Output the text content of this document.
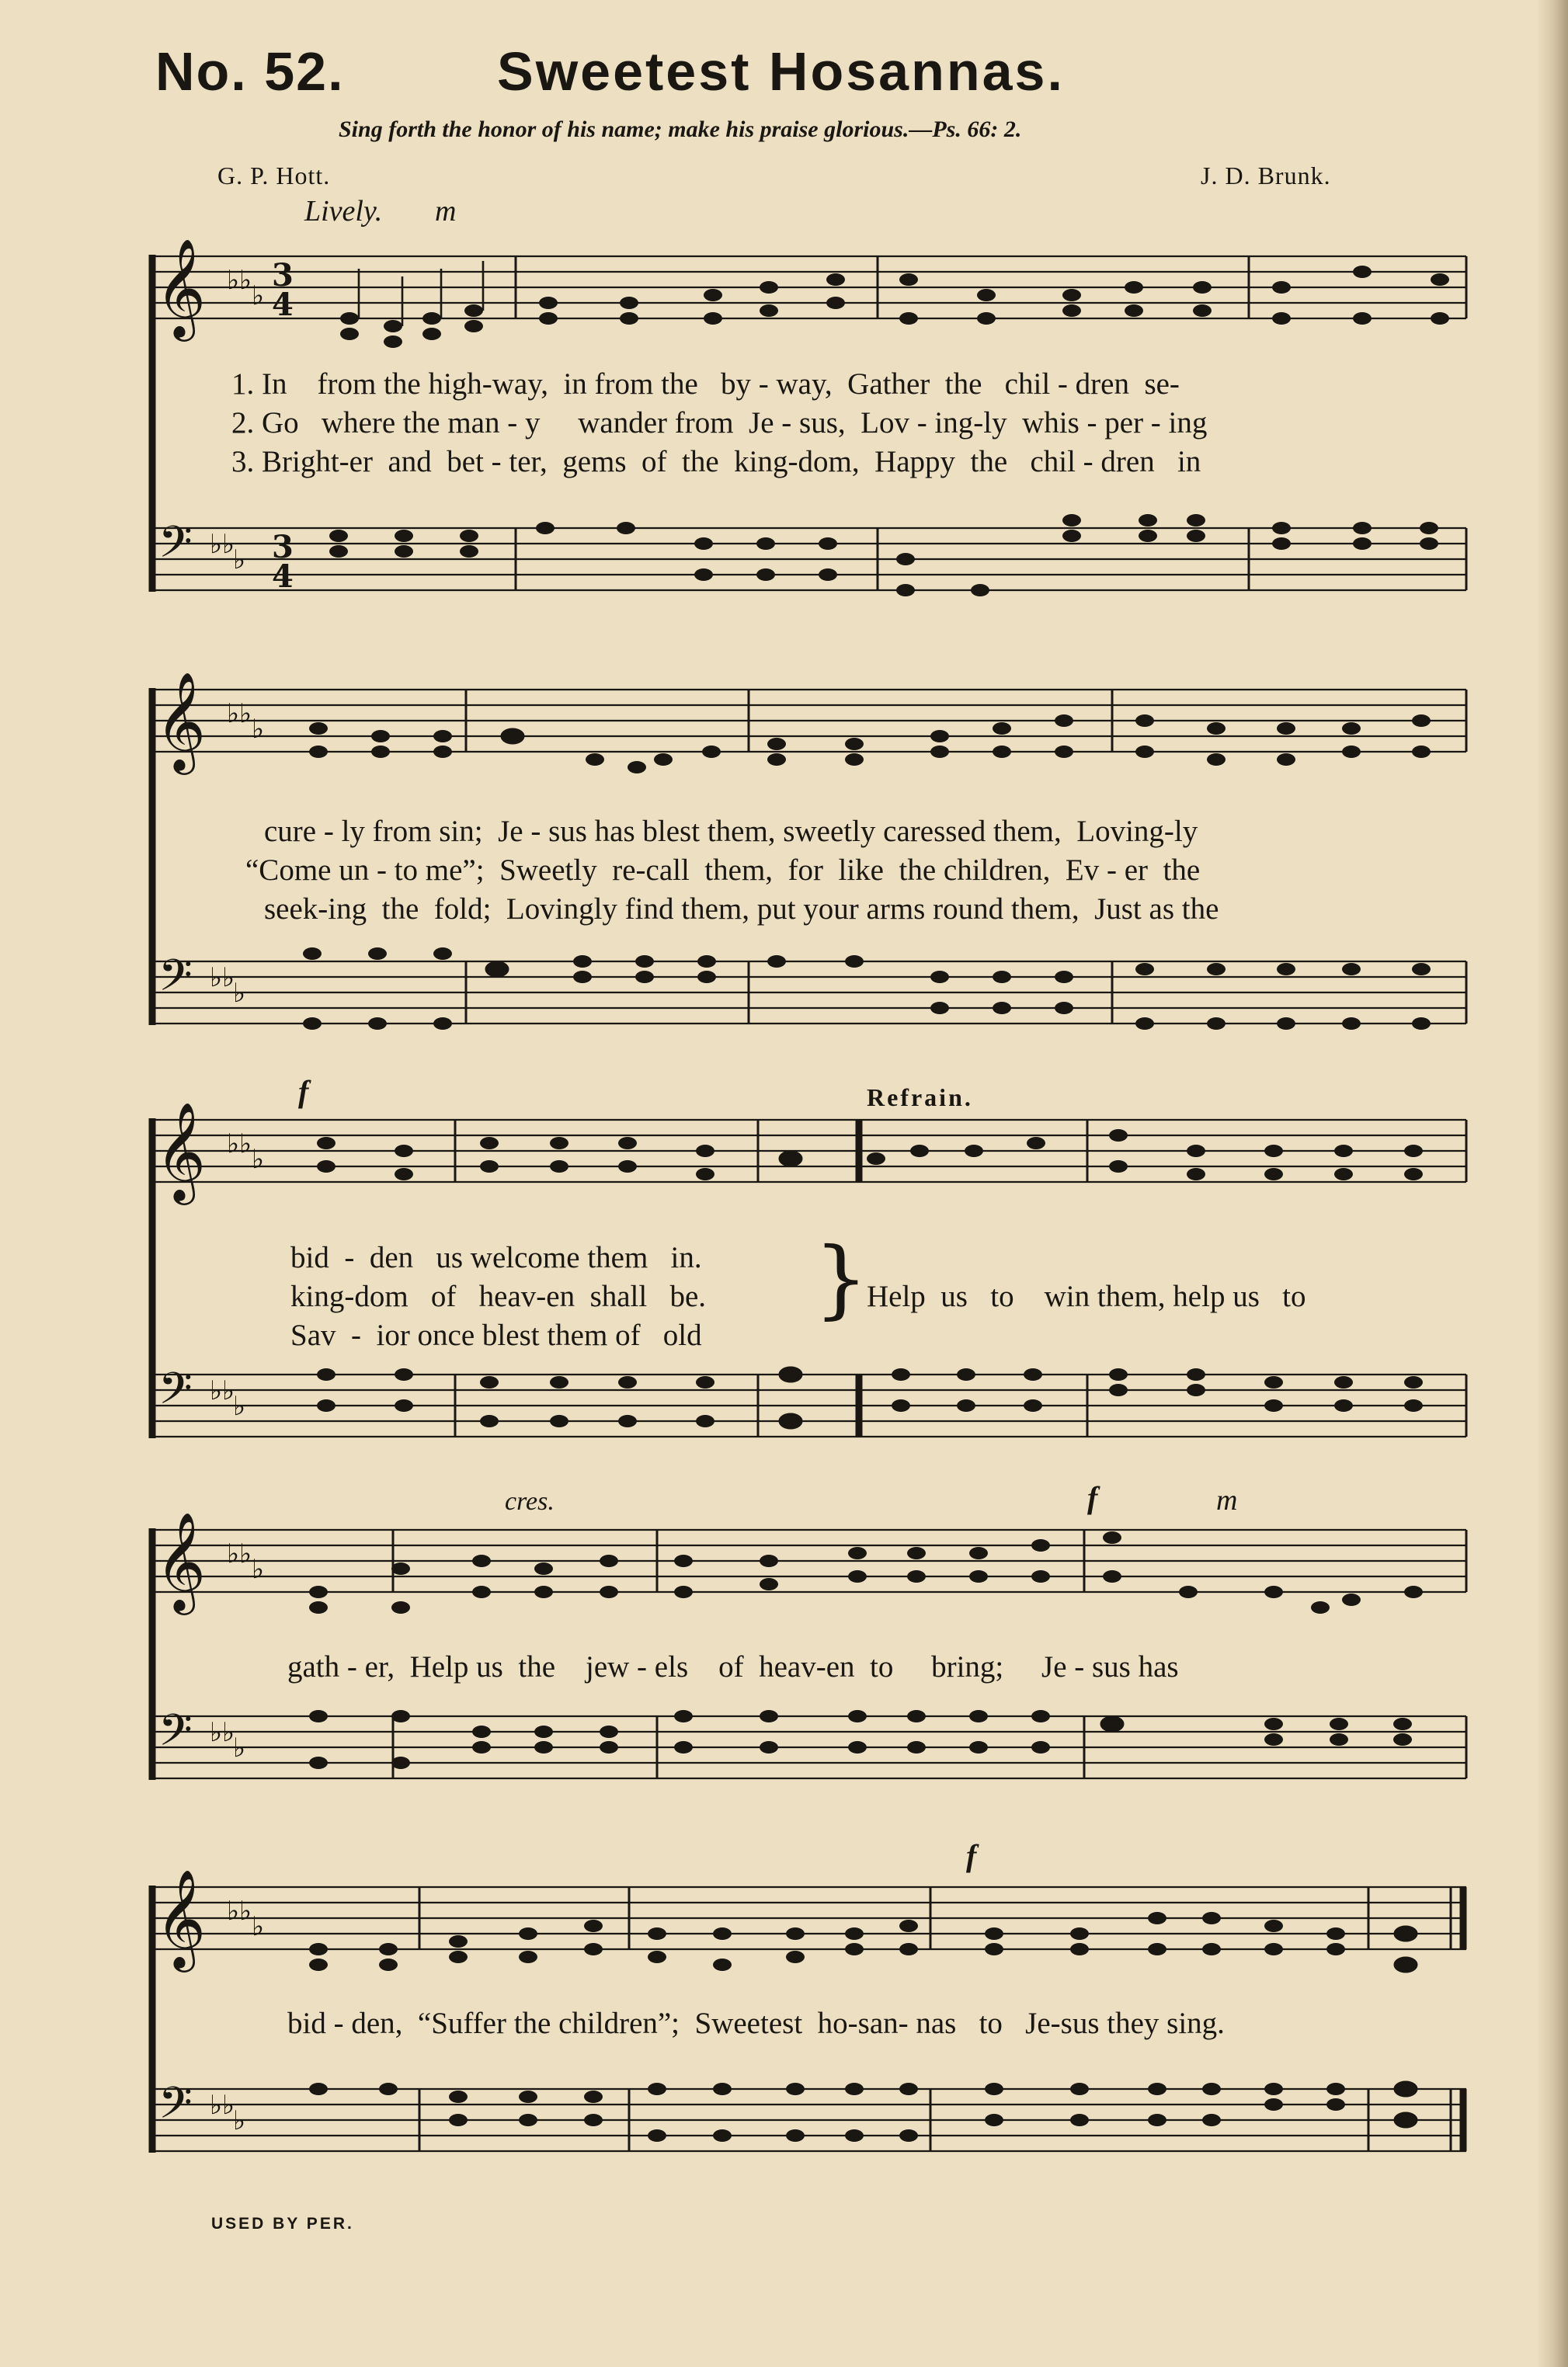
No. 52.	Sweetest Hosannas.
Sing forth the honor of his name; make his praise glorious.—Ps. 66: 2.
G. P. Hott.	J. D. Brunk.
Lively. m
f	Refrain.
cres.	f	m
f
𝄞
𝄢
♭♭ ♭
♭♭
♭
3
4
3
4
1. In    from the high-way,  in from the   by - way,  Gather  the   chil - dren  se-
2. Go   where the man - y     wander from  Je - sus,  Lov - ing-ly  whis - per - ing
3. Bright-er  and  bet - ter,  gems  of  the  king-dom,  Happy  the   chil - dren   in
𝄞
𝄢
♭♭ ♭
♭♭
♭
cure - ly from sin;  Je - sus has blest them, sweetly caressed them,  Loving-ly
“Come un - to me”;  Sweetly  re-call  them,  for  like  the children,  Ev - er  the
seek-ing  the  fold;  Lovingly find them, put your arms round them,  Just as the
𝄞
𝄢
♭♭ ♭
♭♭
♭
bid  -  den   us welcome them   in.
king-dom   of   heav-en  shall   be.
Sav  -  ior once blest them of   old
}
Help  us   to    win them, help us   to
𝄞
𝄢
♭♭ ♭
♭♭
♭
gath - er,  Help us  the    jew - els    of  heav-en  to     bring;     Je - sus has
𝄞
𝄢
♭♭ ♭
♭♭
♭
bid - den,  “Suffer the children”;  Sweetest  ho-san- nas   to   Je-sus they sing.
USED BY PER.
